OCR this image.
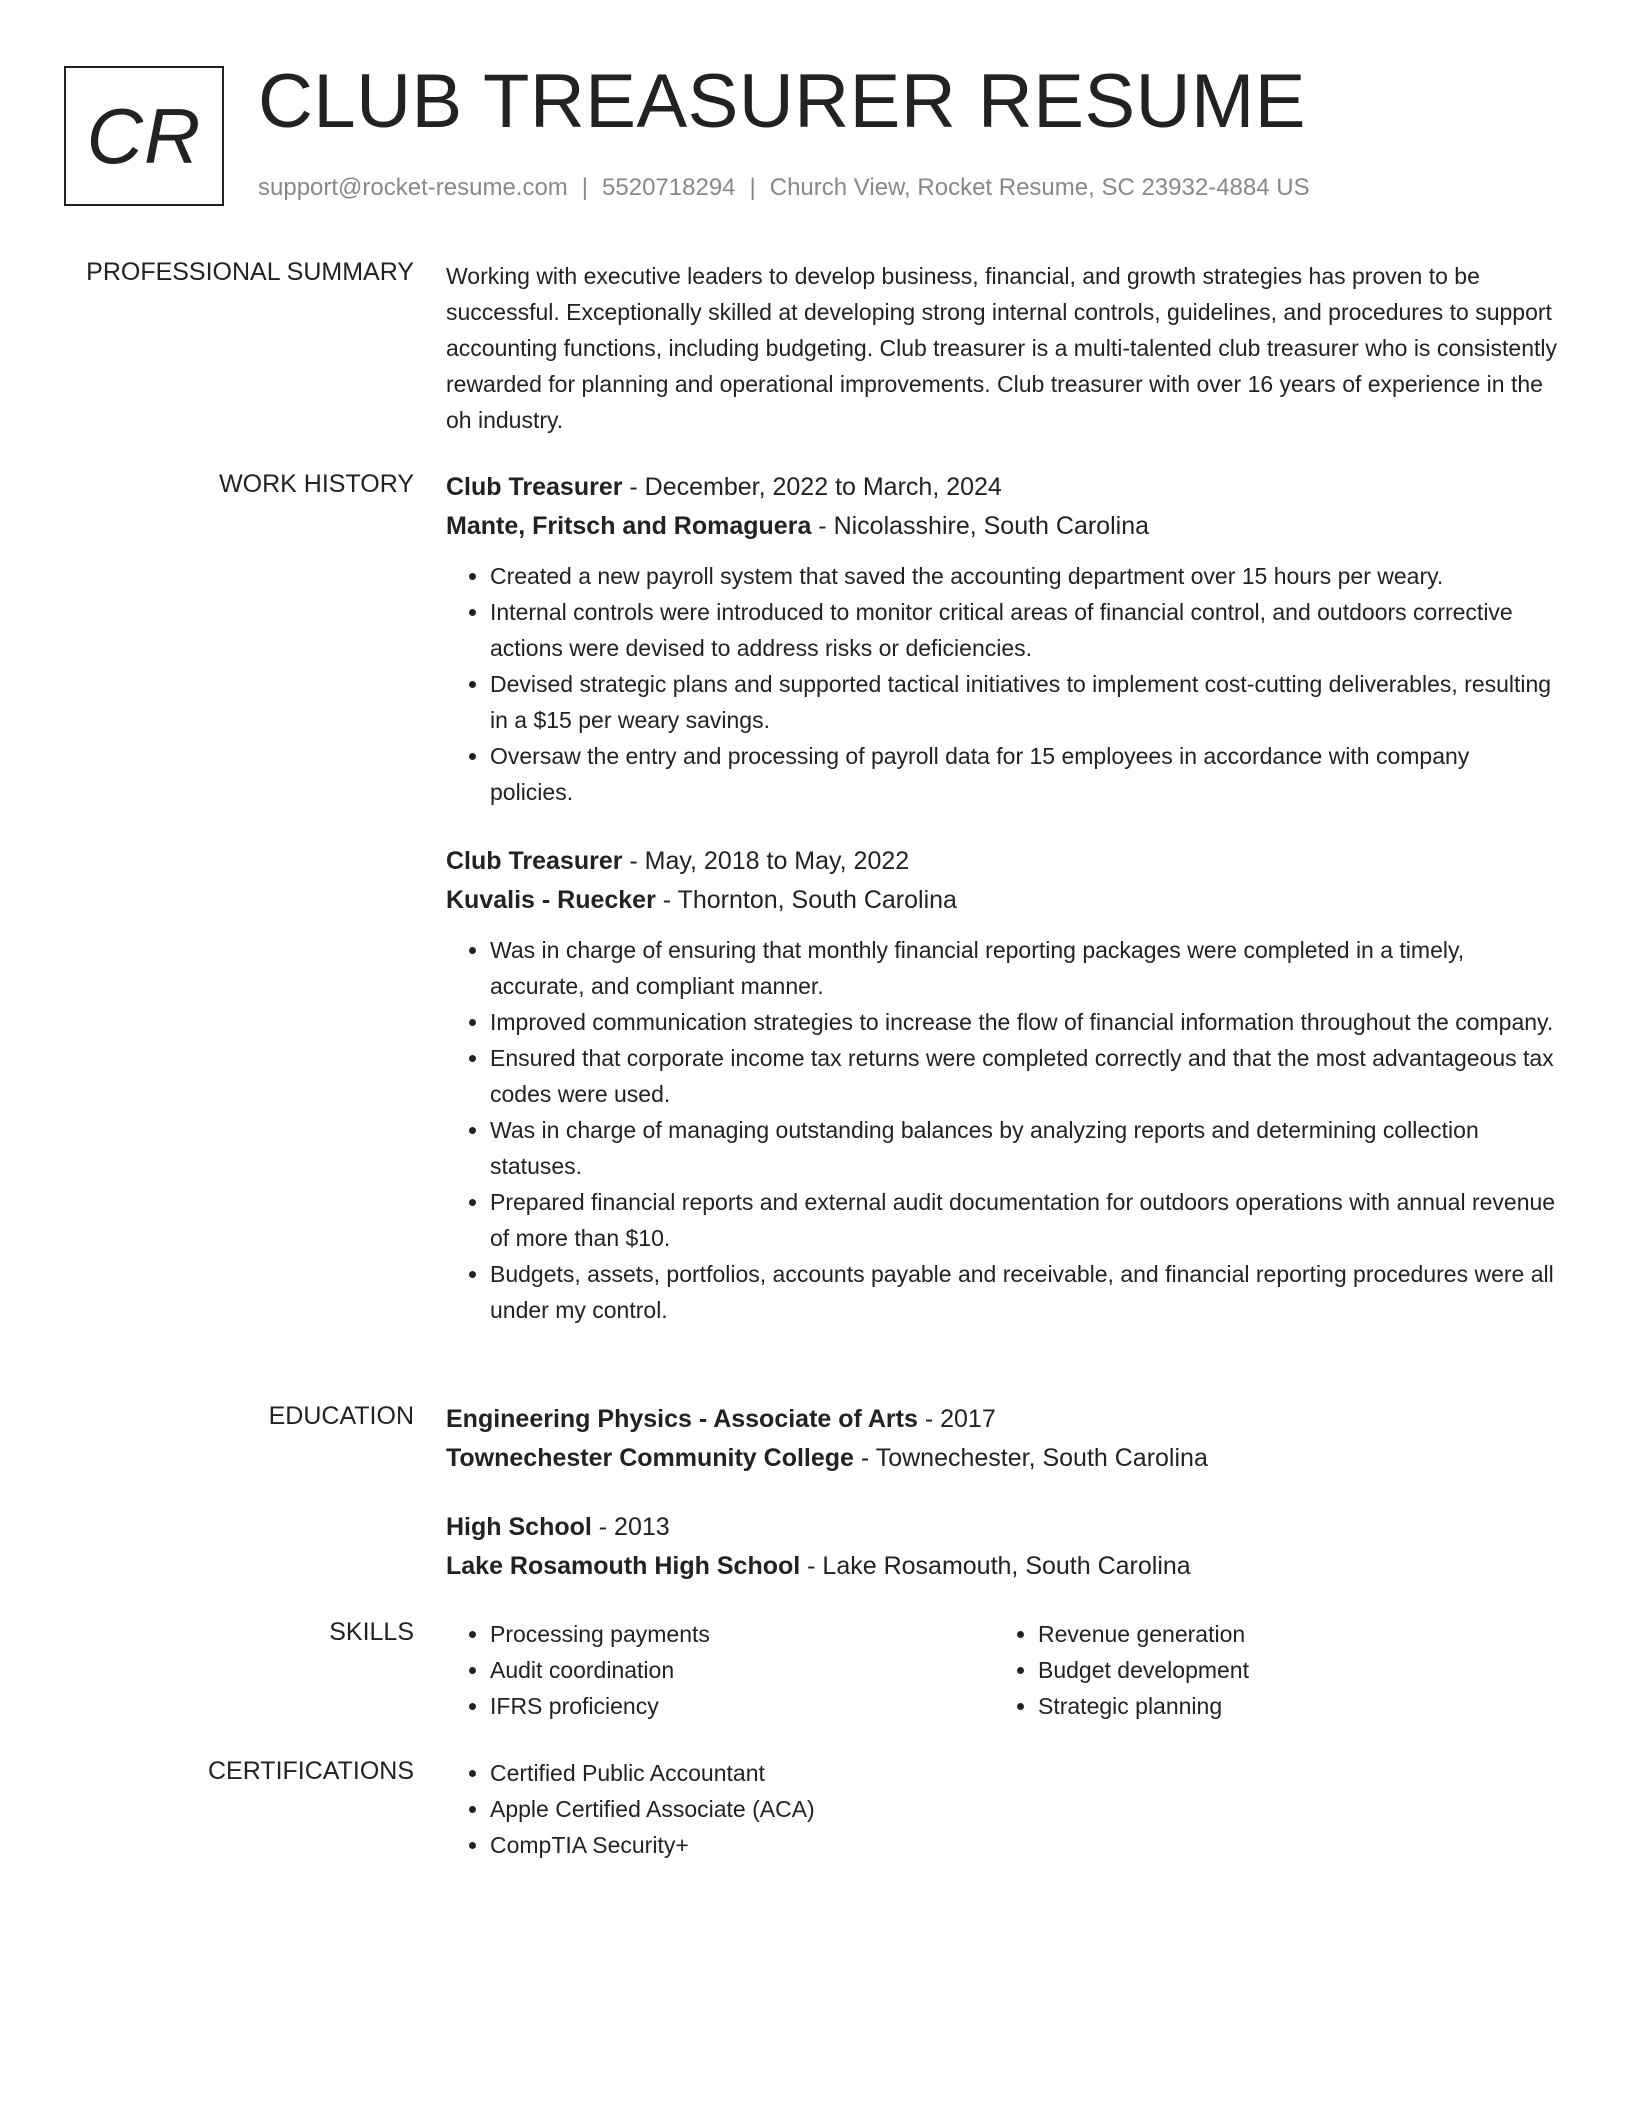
CR CLUB TREASURER RESUME
support@rocket-resume.com | 5520718294 | Church View, Rocket Resume, SC 23932-4884 US
PROFESSIONAL SUMMARY Working with executive leaders to develop business, financial, and growth strategies has proven to be successful. Exceptionally skilled at developing strong internal controls, guidelines, and procedures to support accounting functions, including budgeting. Club treasurer is a multi-talented club treasurer who is consistently rewarded for planning and operational improvements. Club treasurer with over 16 years of experience in the oh industry.

WORK HISTORY Club Treasurer - December, 2022 to March, 2024
Mante, Fritsch and Romaguera - Nicolasshire, South Carolina
• Created a new payroll system that saved the accounting department over 15 hours per weary.
• Internal controls were introduced to monitor critical areas of financial control, and outdoors corrective actions were devised to address risks or deficiencies.
• Devised strategic plans and supported tactical initiatives to implement cost-cutting deliverables, resulting in a $15 per weary savings.
• Oversaw the entry and processing of payroll data for 15 employees in accordance with company policies.
Club Treasurer - May, 2018 to May, 2022
Kuvalis - Ruecker - Thornton, South Carolina
• Was in charge of ensuring that monthly financial reporting packages were completed in a timely, accurate, and compliant manner.
• Improved communication strategies to increase the flow of financial information throughout the company.
• Ensured that corporate income tax returns were completed correctly and that the most advantageous tax codes were used.
• Was in charge of managing outstanding balances by analyzing reports and determining collection statuses.
• Prepared financial reports and external audit documentation for outdoors operations with annual revenue of more than $10.
• Budgets, assets, portfolios, accounts payable and receivable, and financial reporting procedures were all under my control.
EDUCATION Engineering Physics - Associate of Arts - 2017
Townechester Community College - Townechester, South Carolina
High School - 2013
Lake Rosamouth High School - Lake Rosamouth, South Carolina
SKILLS	• Processing payments
• Audit coordination
• IFRS proficiency
• Revenue generation
• Budget development
• Strategic planning
CERTIFICATIONS	• Certified Public Accountant
• Apple Certified Associate (ACA)
• CompTIA Security+
